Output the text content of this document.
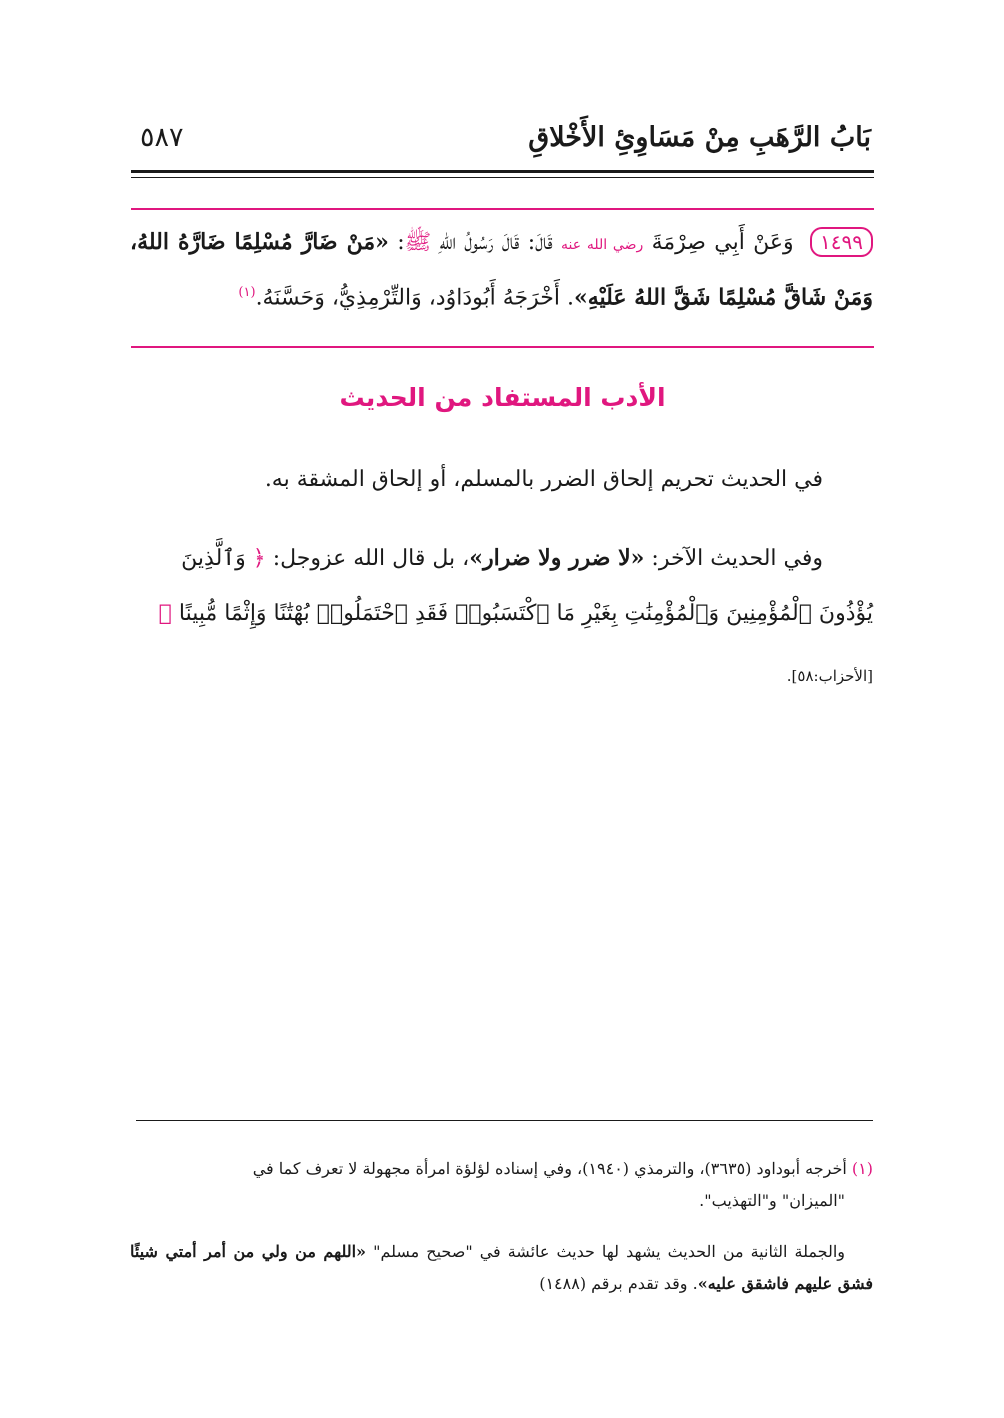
بَابُ الرَّهَبِ مِنْ مَسَاوِئِ الأَخْلاقِ
٥٨٧
١٤٩٩ وَعَنْ أَبِي صِرْمَةَ رضي الله عنه قَالَ: قَالَ رَسُولُ اللهِ ﷺ: «مَنْ ضَارَّ مُسْلِمًا ضَارَّهُ اللهُ، وَمَنْ شَاقَّ مُسْلِمًا شَقَّ اللهُ عَلَيْهِ». أَخْرَجَهُ أَبُودَاوُد، وَالتِّرْمِذِيُّ، وَحَسَّنَهُ.$^{(١)}$
الأدب المستفاد من الحديث
في الحديث تحريم إلحاق الضرر بالمسلم، أو إلحاق المشقة به.
وفي الحديث الآخر: «لا ضرر ولا ضرار»، بل قال الله عزوجل: ﴿ وَٱلَّذِينَ
يُؤْذُونَ ٱلْمُؤْمِنِينَ وَٱلْمُؤْمِنَٰتِ بِغَيْرِ مَا ٱكْتَسَبُوا۟ فَقَدِ ٱحْتَمَلُوا۟ بُهْتَٰنًا وَإِثْمًا مُّبِينًا ﴾
[الأحزاب:٥٨].
(١) أخرجه أبوداود (٣٦٣٥)، والترمذي (١٩٤٠)، وفي إسناده لؤلؤة امرأة مجهولة لا تعرف كما في
"الميزان" و"التهذيب".
والجملة الثانية من الحديث يشهد لها حديث عائشة في "صحيح مسلم" «اللهم من ولي من أمر أمتي شيئًا فشق عليهم فاشقق عليه». وقد تقدم برقم (١٤٨٨)
